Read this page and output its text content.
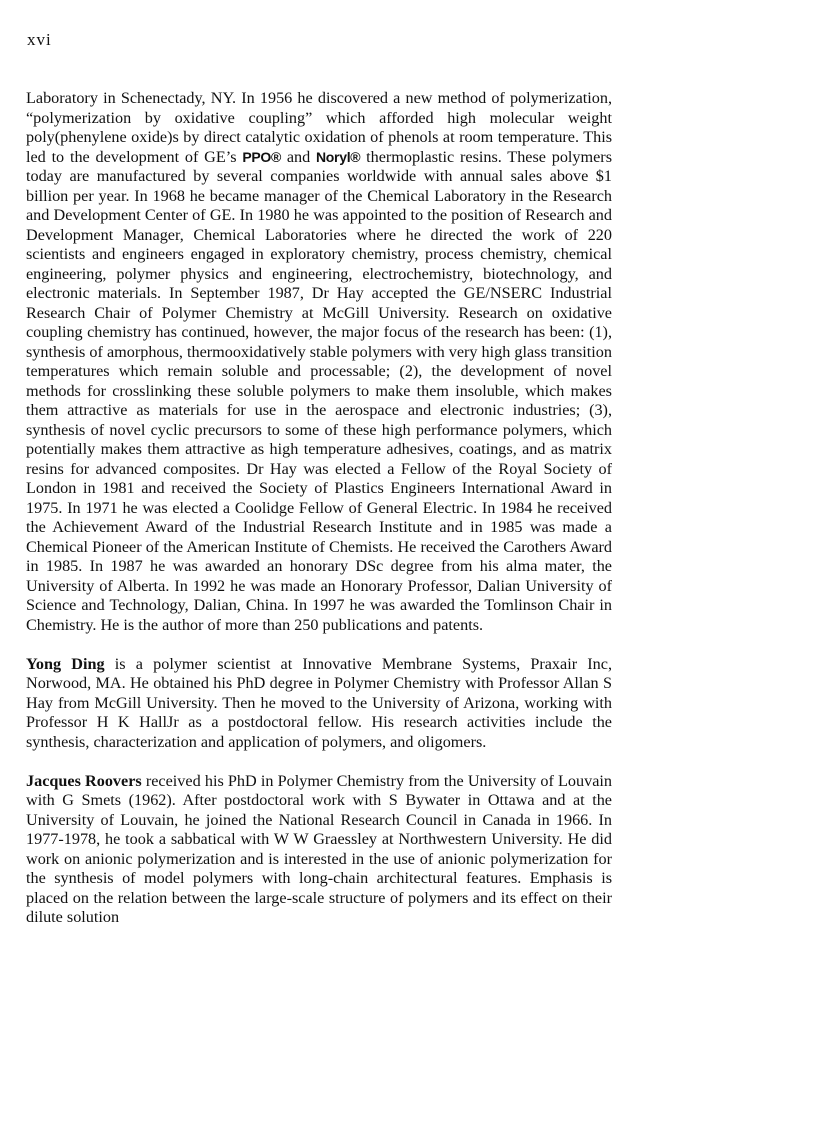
xvi

Laboratory in Schenectady, NY. In 1956 he discovered a new method of polymerization, “polymerization by oxidative coupling” which afforded high molecular weight poly(phenylene oxide)s by direct catalytic oxidation of phenols at room temperature. This led to the development of GE’s PPO® and Noryl® thermoplastic resins. These polymers today are manufactured by several companies worldwide with annual sales above $1 billion per year. In 1968 he became manager of the Chemical Laboratory in the Research and Development Center of GE. In 1980 he was appointed to the position of Research and Development Manager, Chemical Laboratories where he directed the work of 220 scientists and engineers engaged in exploratory chemistry, process chemistry, chemical engineering, polymer physics and engineering, electrochemistry, biotechnology, and electronic materials. In September 1987, Dr Hay accepted the GE/NSERC Industrial Research Chair of Polymer Chemistry at McGill University. Research on oxidative coupling chemistry has continued, however, the major focus of the research has been: (1), synthesis of amorphous, thermooxidatively stable polymers with very high glass transition temperatures which remain soluble and processable; (2), the development of novel methods for crosslinking these soluble polymers to make them insoluble, which makes them attractive as materials for use in the aerospace and electronic industries; (3), synthesis of novel cyclic precursors to some of these high performance polymers, which potentially makes them attractive as high temperature adhesives, coatings, and as matrix resins for advanced composites. Dr Hay was elected a Fellow of the Royal Society of London in 1981 and received the Society of Plastics Engineers International Award in 1975. In 1971 he was elected a Coolidge Fellow of General Electric. In 1984 he received the Achievement Award of the Industrial Research Institute and in 1985 was made a Chemical Pioneer of the American Institute of Chemists. He received the Carothers Award in 1985. In 1987 he was awarded an honorary DSc degree from his alma mater, the University of Alberta. In 1992 he was made an Honorary Professor, Dalian University of Science and Technology, Dalian, China. In 1997 he was awarded the Tomlinson Chair in Chemistry. He is the author of more than 250 publications and patents.

Yong Ding is a polymer scientist at Innovative Membrane Systems, Praxair Inc, Norwood, MA. He obtained his PhD degree in Polymer Chemistry with Professor Allan S Hay from McGill University. Then he moved to the University of Arizona, working with Professor H K HallJr as a postdoctoral fellow. His research activities include the synthesis, characterization and application of polymers, and oligomers.

Jacques Roovers received his PhD in Polymer Chemistry from the University of Louvain with G Smets (1962). After postdoctoral work with S Bywater in Ottawa and at the University of Louvain, he joined the National Research Council in Canada in 1966. In 1977-1978, he took a sabbatical with W W Graessley at Northwestern University. He did work on anionic polymerization and is interested in the use of anionic polymerization for the synthesis of model polymers with long-chain architectural features. Emphasis is placed on the relation between the large-scale structure of polymers and its effect on their dilute solution
